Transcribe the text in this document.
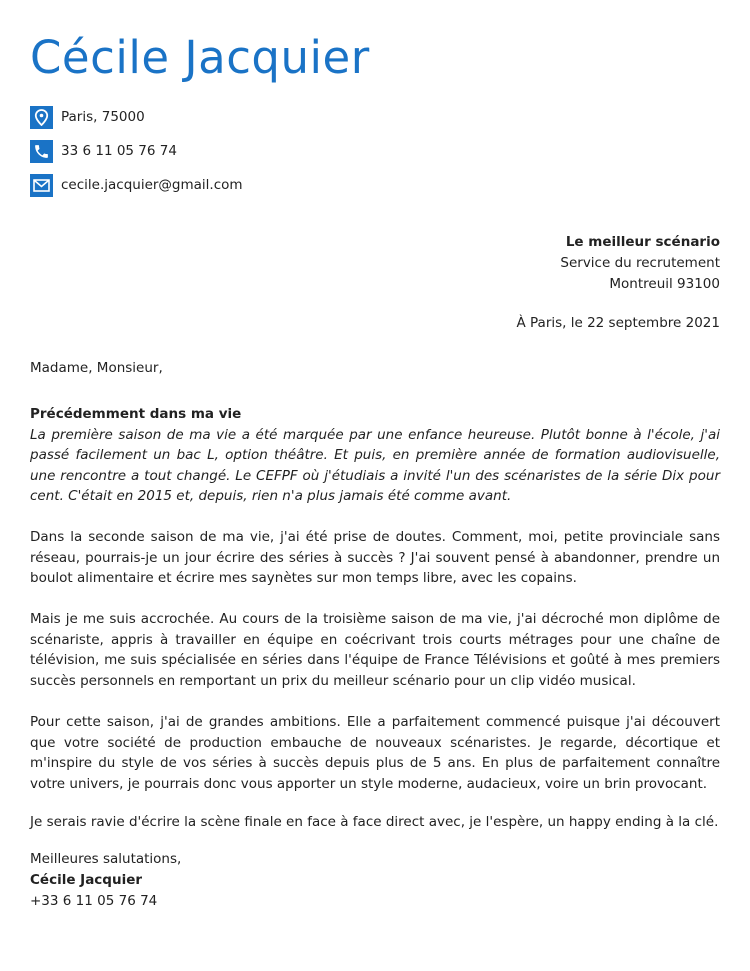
Cécile Jacquier
Paris, 75000
33 6 11 05 76 74
cecile.jacquier@gmail.com
Le meilleur scénario
Service du recrutement
Montreuil 93100
À Paris, le 22 septembre 2021
Madame, Monsieur,
Précédemment dans ma vie
La première saison de ma vie a été marquée par une enfance heureuse. Plutôt bonne à l'école, j'ai passé facilement un bac L, option théâtre. Et puis, en première année de formation audiovisuelle, une rencontre a tout changé. Le CEFPF où j'étudiais a invité l'un des scénaristes de la série Dix pour cent. C'était en 2015 et, depuis, rien n'a plus jamais été comme avant.
Dans la seconde saison de ma vie, j'ai été prise de doutes. Comment, moi, petite provinciale sans réseau, pourrais-je un jour écrire des séries à succès ? J'ai souvent pensé à abandonner, prendre un boulot alimentaire et écrire mes saynètes sur mon temps libre, avec les copains.
Mais je me suis accrochée. Au cours de la troisième saison de ma vie, j'ai décroché mon diplôme de scénariste, appris à travailler en équipe en coécrivant trois courts métrages pour une chaîne de télévision, me suis spécialisée en séries dans l'équipe de France Télévisions et goûté à mes premiers succès personnels en remportant un prix du meilleur scénario pour un clip vidéo musical.
Pour cette saison, j'ai de grandes ambitions. Elle a parfaitement commencé puisque j'ai découvert que votre société de production embauche de nouveaux scénaristes. Je regarde, décortique et m'inspire du style de vos séries à succès depuis plus de 5 ans. En plus de parfaitement connaître votre univers, je pourrais donc vous apporter un style moderne, audacieux, voire un brin provocant.
Je serais ravie d'écrire la scène finale en face à face direct avec, je l'espère, un happy ending à la clé.
Meilleures salutations,
Cécile Jacquier
+33 6 11 05 76 74
